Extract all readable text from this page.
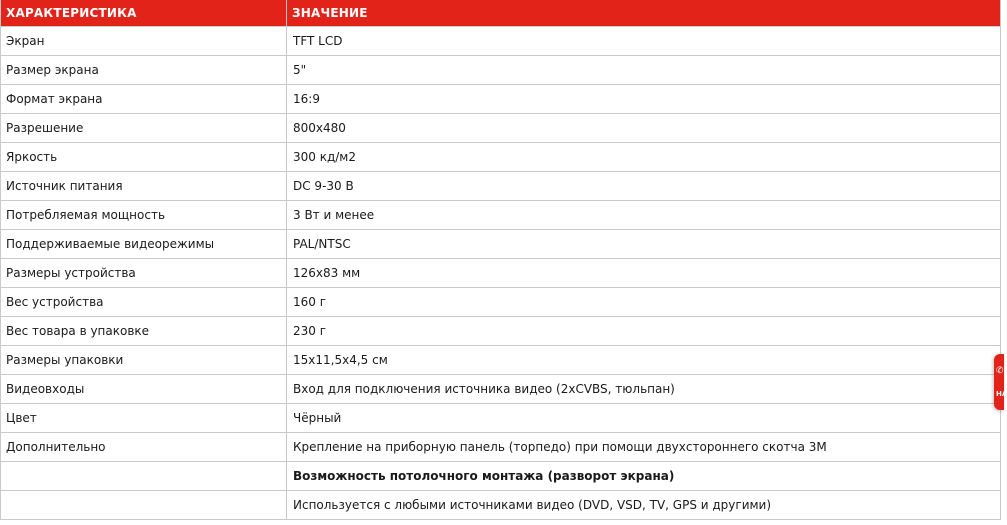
ХАРАКТЕРИСТИКА	ЗНАЧЕНИЕ
Экран	TFT LCD
Размер экрана	5"
Формат экрана	16:9
Разрешение	800х480
Яркость	300 кд/м2
Источник питания	DC 9-30 В
Потребляемая мощность	3 Вт и менее
Поддерживаемые видеорежимы	PAL/NTSC
Размеры устройства	126х83 мм
Вес устройства	160 г
Вес товара в упаковке	230 г
Размеры упаковки	15х11,5х4,5 см
Видеовходы	Вход для подключения источника видео (2хCVBS, тюльпан)
Цвет	Чёрный
Дополнительно	Крепление на приборную панель (торпедо) при помощи двухстороннего скотча 3М
	Возможность потолочного монтажа (разворот экрана)
	Используется с любыми источниками видео (DVD, VSD, TV, GPS и другими)
✆
НА
